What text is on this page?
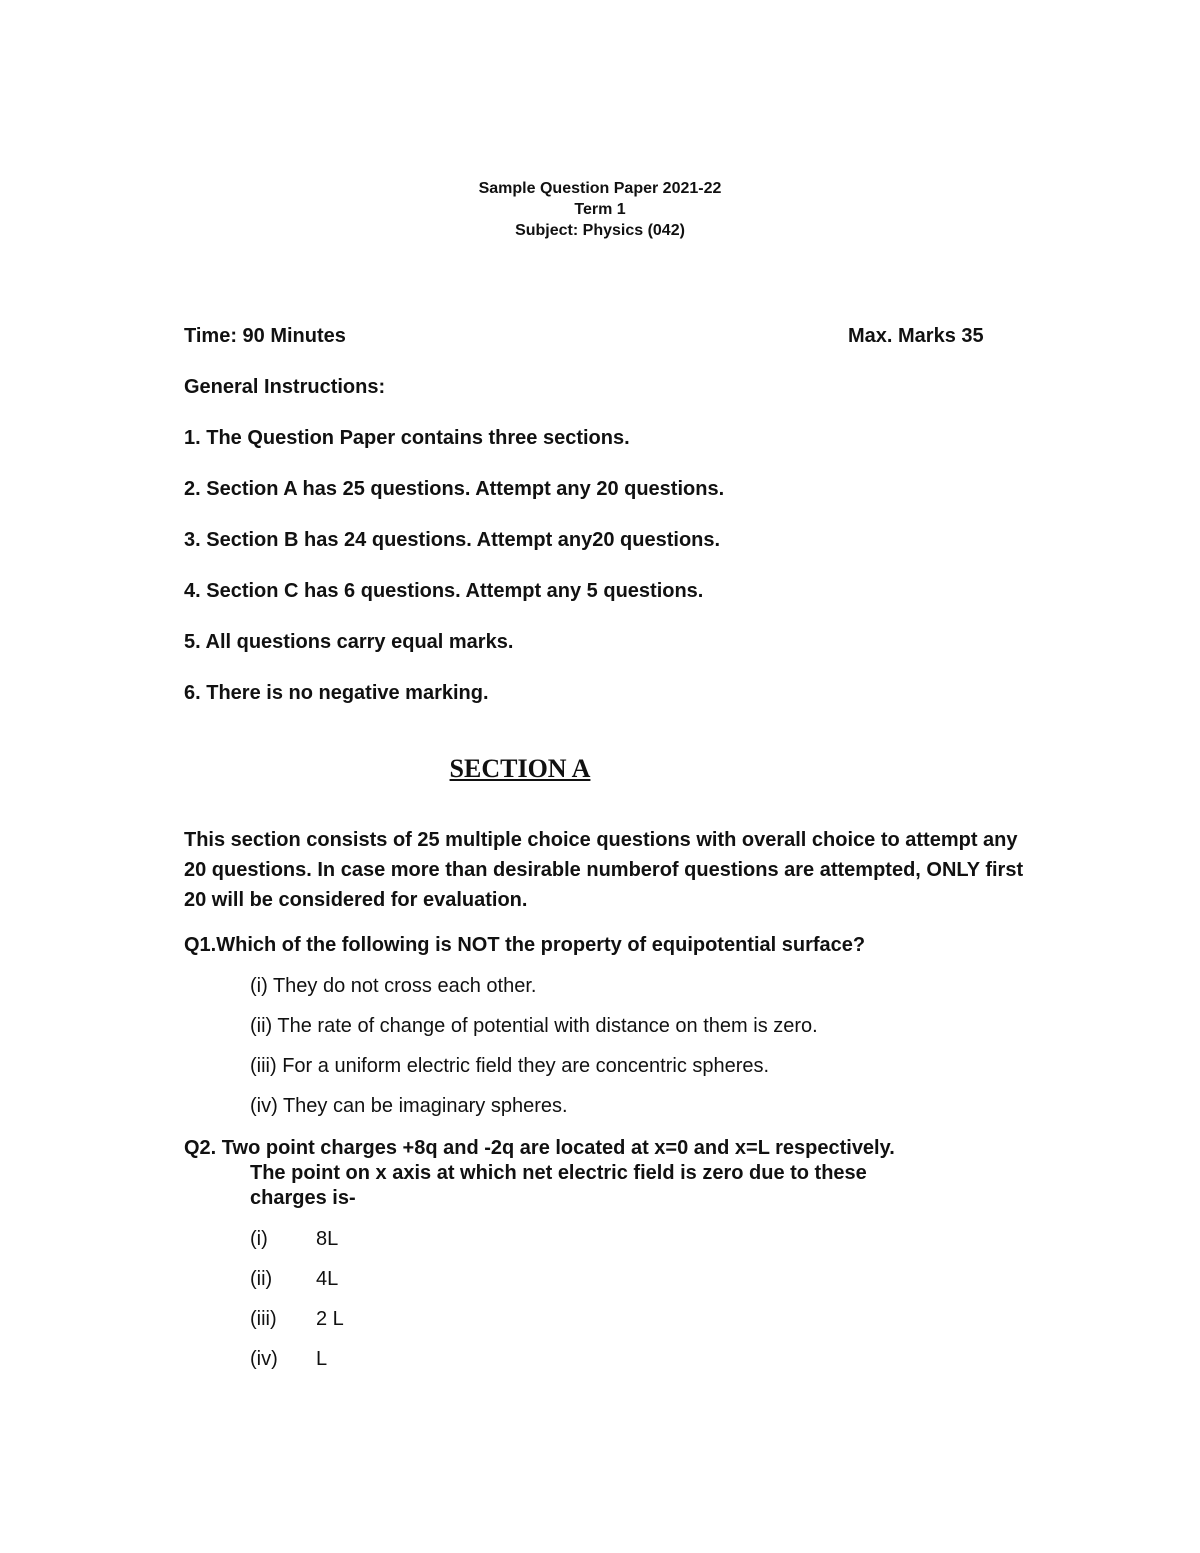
Sample Question Paper 2021-22
Term 1
Subject: Physics (042)
Time: 90 Minutes	Max. Marks 35
General Instructions:
1. The Question Paper contains three sections.
2. Section A has 25 questions. Attempt any 20 questions.
3. Section B has 24 questions. Attempt any20 questions.
4. Section C has 6 questions. Attempt any 5 questions.
5. All questions carry equal marks.
6. There is no negative marking.
SECTION A
This section consists of 25 multiple choice questions with overall choice to attempt any 20 questions. In case more than desirable numberof questions are attempted, ONLY first 20 will be considered for evaluation.
Q1.Which of the following is NOT the property of equipotential surface?
(i) They do not cross each other.
(ii) The rate of change of potential with distance on them is zero.
(iii) For a uniform electric field they are concentric spheres.
(iv) They can be imaginary spheres.
Q2. Two point charges +8q and -2q are located at x=0 and x=L respectively.
The point on x axis at which net electric field is zero due to these
charges is-
(i) 8L
(ii) 4L
(iii) 2 L
(iv) L
